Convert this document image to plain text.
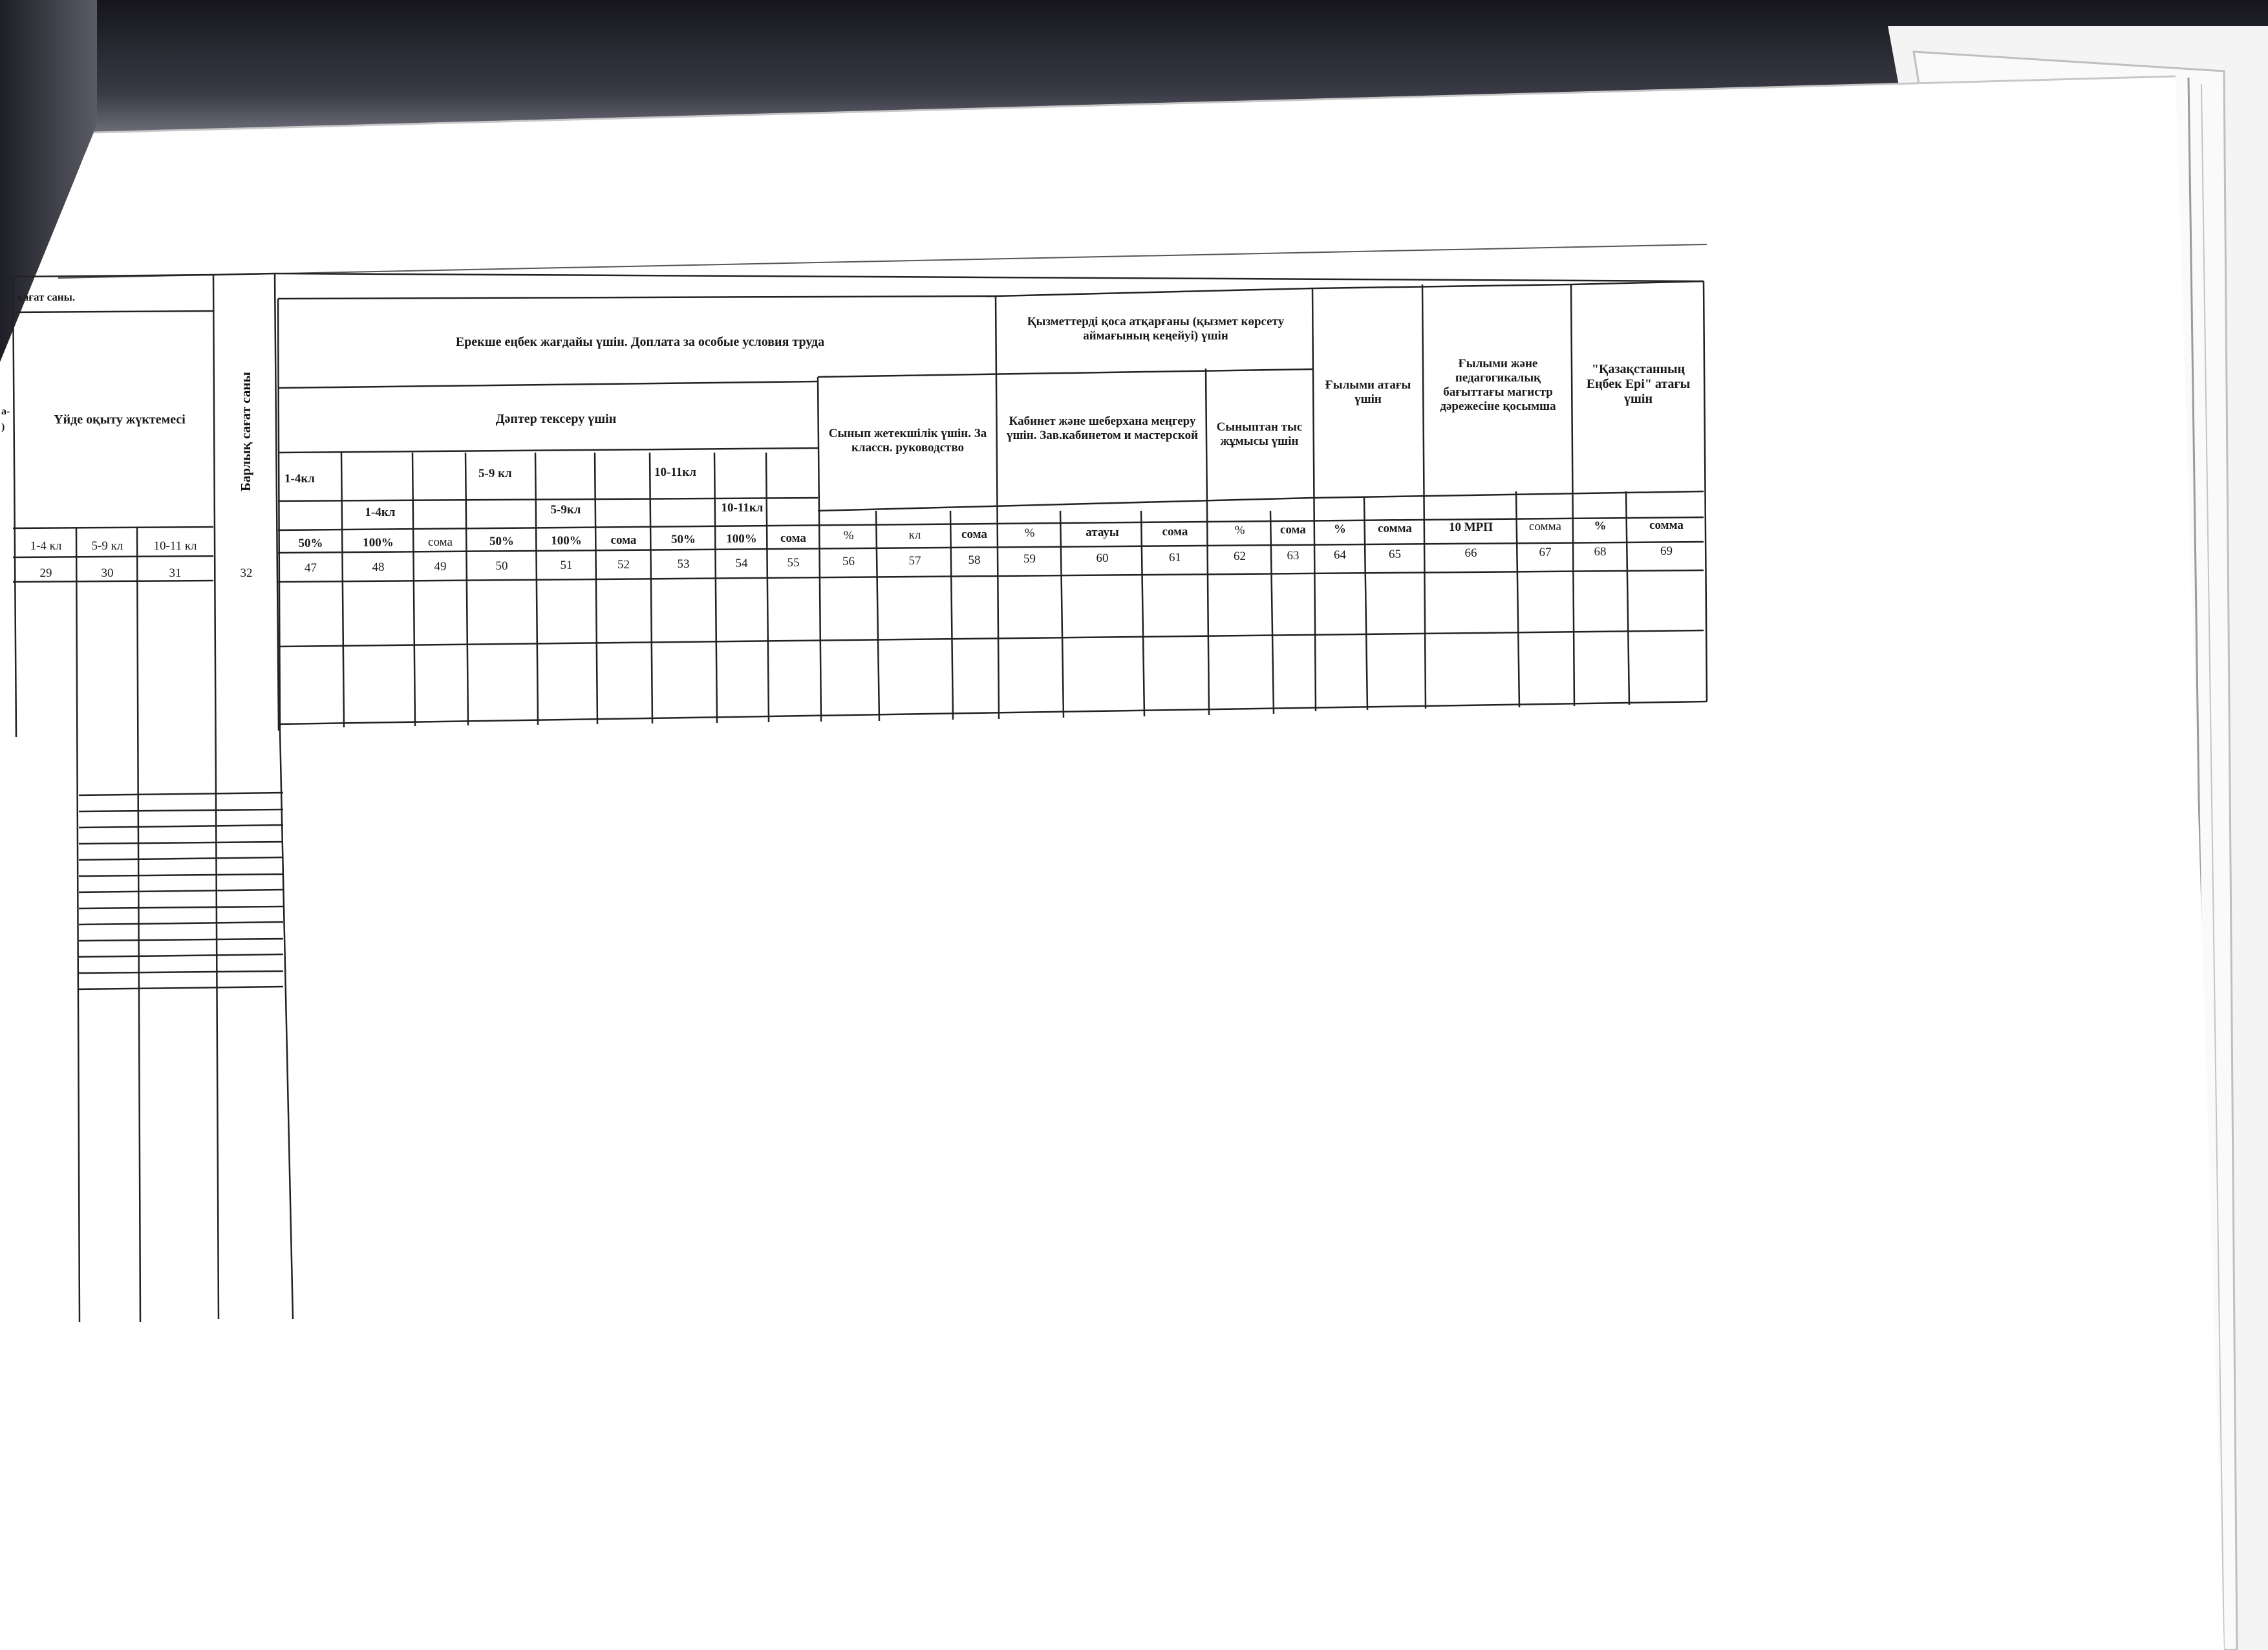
сағат саны.
а-
)
Үйде оқыту жүктемесі
1-4 кл	5-9 кл	10-11 кл
29	30	31	32
Барлық сағат саны
Ерекше еңбек жағдайы үшін. Доплата за особые условия труда
Дәптер тексеру үшін
Сынып жетекшілік үшін. За класcн. руководство
Қызметтерді қоса атқарғаны (қызмет көрсету аймағының кеңейуі) үшін
Кабинет және шеберхана меңгеру үшін. Зав.кабинетом и мастерской
Сыныптан тыс жұмысы үшін
Ғылыми атағы үшін
Ғылыми және педагогикалық бағыттағы магистр дәрежесіне қосымша
"Қазақстанның Еңбек Ері" атағы үшін
1-4кл	5-9 кл	10-11кл
1-4кл	5-9кл	10-11кл
50%	100%	сома	50%	100%	сома	50%	100%	сома	%	кл	сома	%	атауы	сома	%	сома	%	сомма	10 МРП	сомма	%	сомма
47	48	49	50	51	52	53	54	55	56	57	58	59	60	61	62	63	64	65	66	67	68	69
